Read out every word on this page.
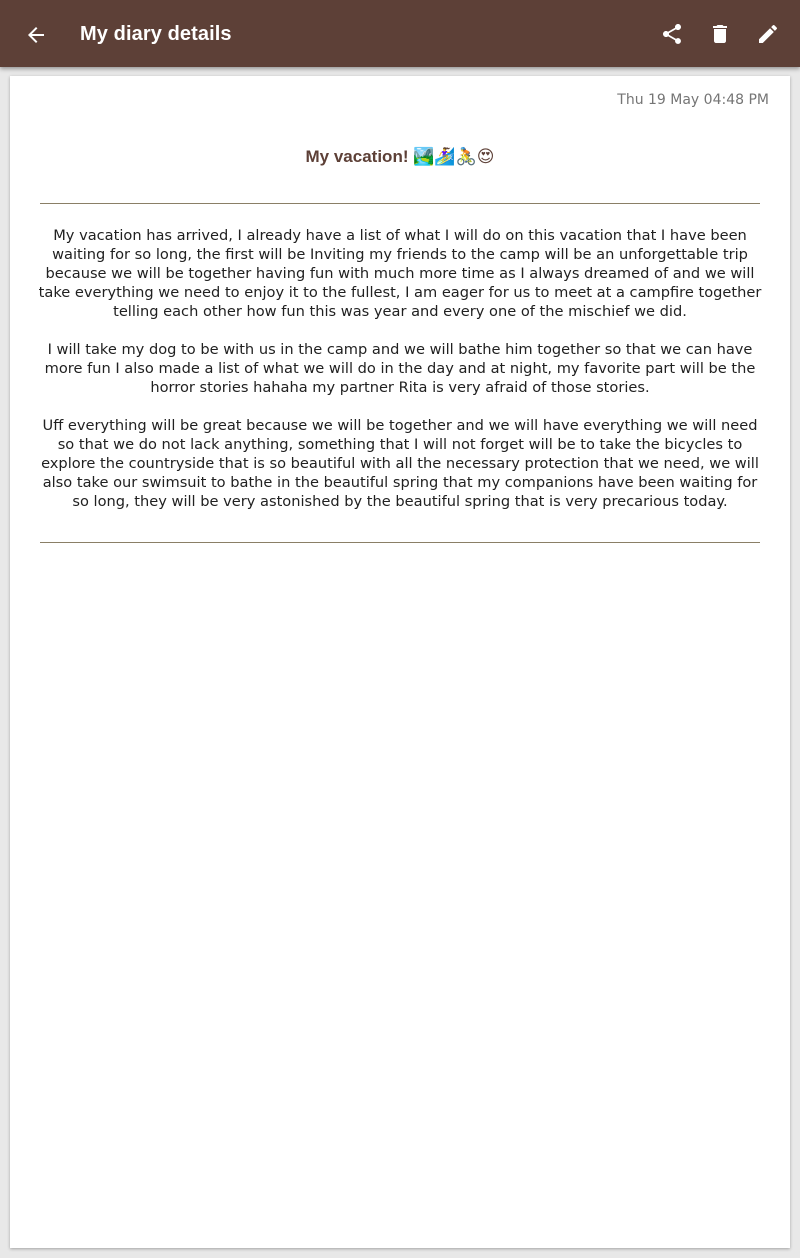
My diary details
Thu 19 May 04:48 PM
My vacation! 🏞️🏄‍♀️🚴😍

My vacation has arrived, I already have a list of what I will do on this vacation that I have been waiting for so long, the first will be Inviting my friends to the camp will be an unforgettable trip because we will be together having fun with much more time as I always dreamed of and we will take everything we need to enjoy it to the fullest, I am eager for us to meet at a campfire together telling each other how fun this was year and every one of the mischief we did.

I will take my dog to be with us in the camp and we will bathe him together so that we can have more fun I also made a list of what we will do in the day and at night, my favorite part will be the horror stories hahaha my partner Rita is very afraid of those stories.

Uff everything will be great because we will be together and we will have everything we will need so that we do not lack anything, something that I will not forget will be to take the bicycles to explore the countryside that is so beautiful with all the necessary protection that we need, we will also take our swimsuit to bathe in the beautiful spring that my companions have been waiting for so long, they will be very astonished by the beautiful spring that is very precarious today.
